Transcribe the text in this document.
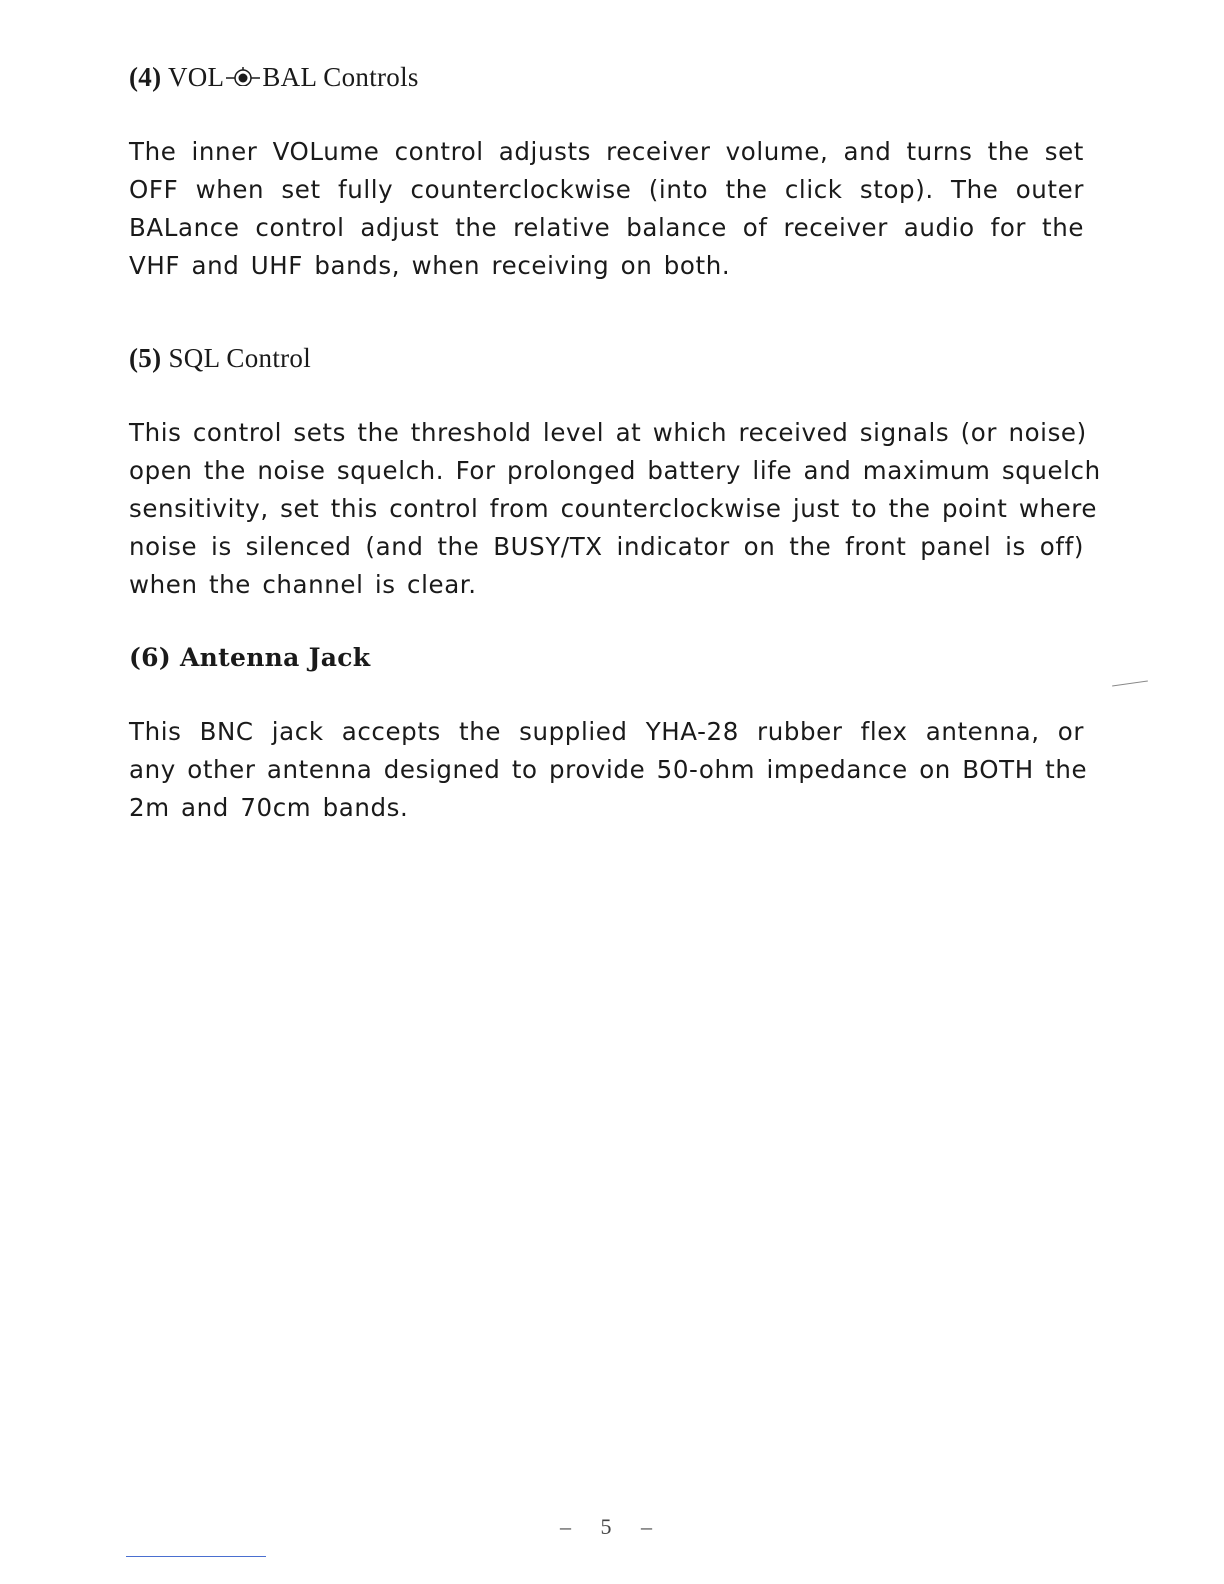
(4) VOL BAL Controls
The inner VOLume control adjusts receiver volume, and turns the set
OFF when set fully counterclockwise (into the click stop). The outer
BALance control adjust the relative balance of receiver audio for the
VHF and UHF bands, when receiving on both.
(5) SQL Control
This control sets the threshold level at which received signals (or noise)
open the noise squelch. For prolonged battery life and maximum squelch
sensitivity, set this control from counterclockwise just to the point where
noise is silenced (and the BUSY/TX indicator on the front panel is off)
when the channel is clear.
(6) Antenna Jack
This BNC jack accepts the supplied YHA-28 rubber flex antenna, or
any other antenna designed to provide 50-ohm impedance on BOTH the
2m and 70cm bands.
– 5 –
